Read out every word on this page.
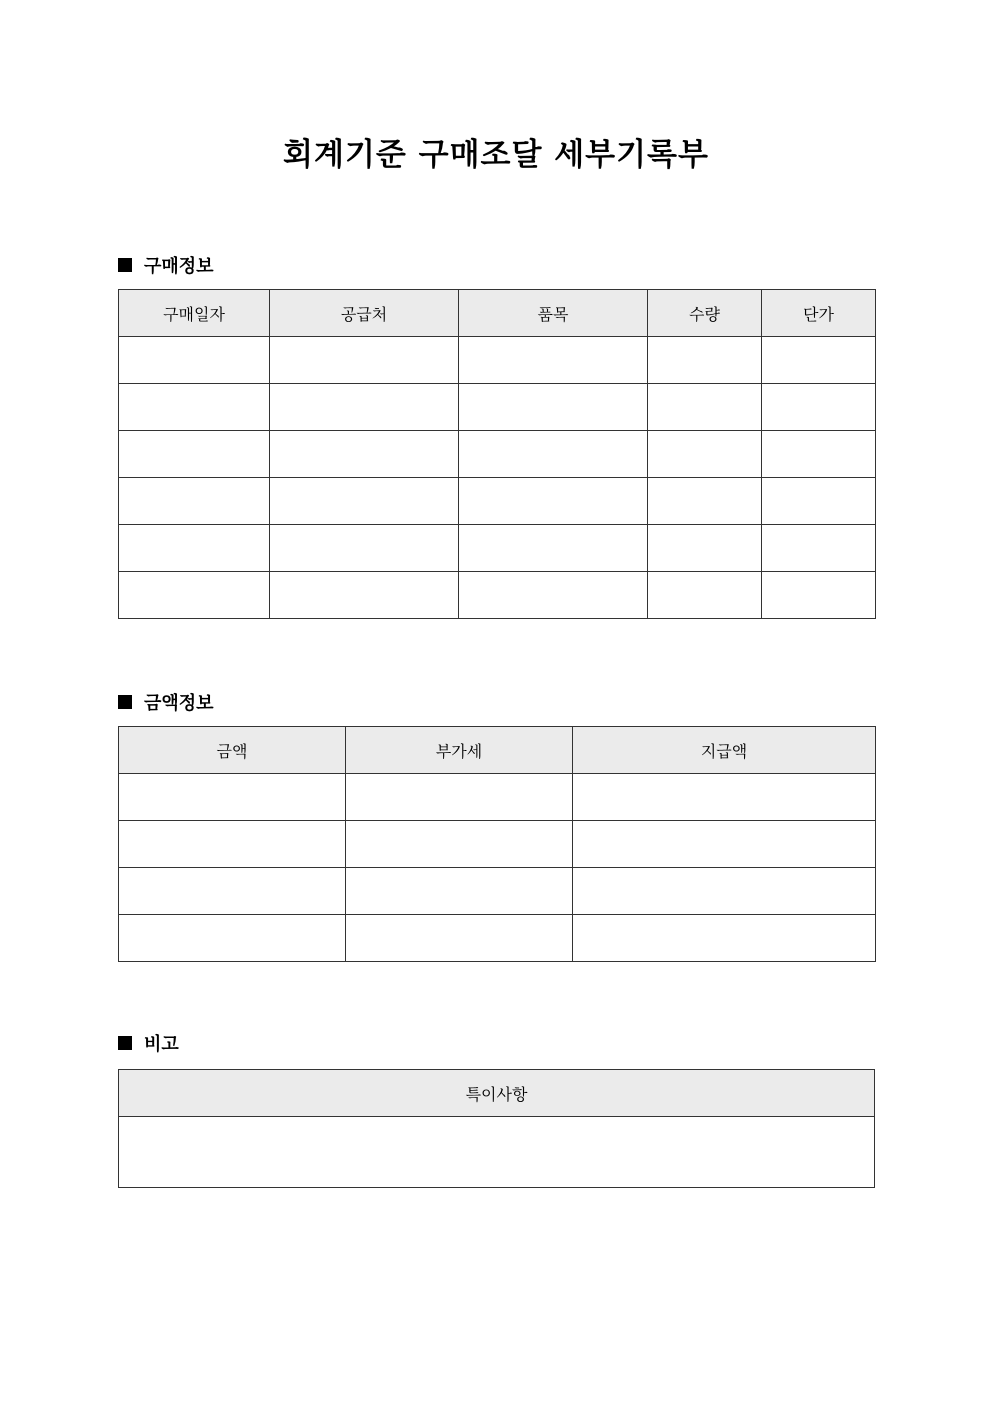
회계기준 구매조달 세부기록부
구매정보
구매일자	공급처	품목	수량	단가

금액정보
금액	부가세	지급액

비고
특이사항
